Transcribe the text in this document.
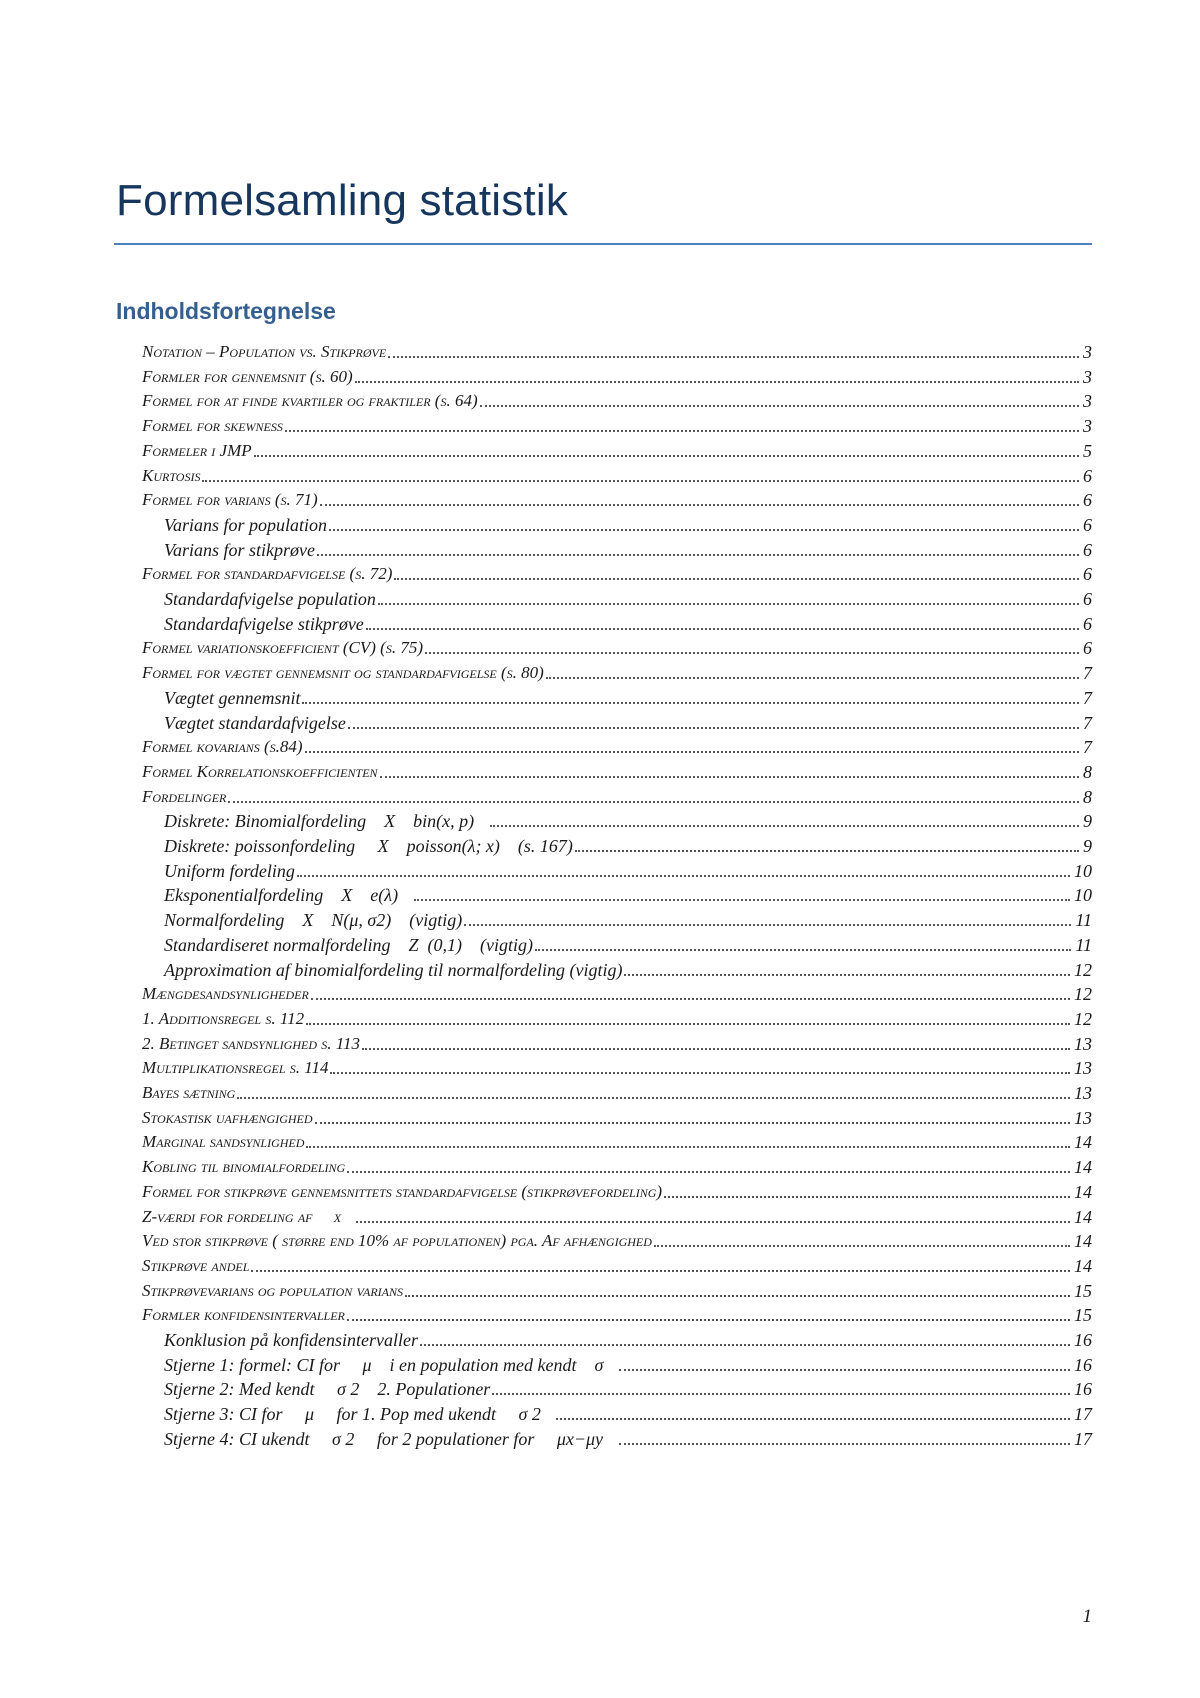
Formelsamling statistik
Indholdsfortegnelse
Notation – Population vs. Stikprøve	3
Formler for gennemsnit (s. 60)	3
Formel for at finde kvartiler og fraktiler (s. 64)	3
Formel for skewness	3
Formeler i JMP	5
Kurtosis	6
Formel for varians (s. 71)	6
Varians for population	6
Varians for stikprøve	6
Formel for standardafvigelse (s. 72)	6
Standardafvigelse population	6
Standardafvigelse stikprøve	6
Formel variationskoefficient (CV) (s. 75)	6
Formel for vægtet gennemsnit og standardafvigelse (s. 80)	7
Vægtet gennemsnit	7
Vægtet standardafvigelse	7
Formel kovarians (s.84)	7
Formel Korrelationskoefficienten	8
Fordelinger	8
Diskrete: Binomialfordeling    X    bin(x, p)	9
Diskrete: poissonfordeling     X    poisson(λ; x)    (s. 167)	9
Uniform fordeling	10
Eksponentialfordeling    X    e(λ)	10
Normalfordeling    X    N(μ, σ2)    (vigtig)	11
Standardiseret normalfordeling    Z  (0,1)    (vigtig)	11
Approximation af binomialfordeling til normalfordeling (vigtig)	12
Mængdesandsynligheder	12
1. Additionsregel s. 112	12
2. Betinget sandsynlighed s. 113	13
Multiplikationsregel s. 114	13
Bayes sætning	13
Stokastisk uafhængighed	13
Marginal sandsynlighed	14
Kobling til binomialfordeling	14
Formel for stikprøve gennemsnittets standardafvigelse (stikprøvefordeling)	14
Z-værdi for fordeling af     x	14
Ved stor stikprøve ( større end 10% af populationen) pga. Af afhængighed	14
Stikprøve andel	14
Stikprøvevarians og population varians	15
Formler konfidensintervaller	15
Konklusion på konfidensintervaller	16
Stjerne 1: formel: CI for     μ    i en population med kendt    σ	16
Stjerne 2: Med kendt     σ 2    2. Populationer	16
Stjerne 3: CI for     μ     for 1. Pop med ukendt     σ 2	17
Stjerne 4: CI ukendt     σ 2     for 2 populationer for     μx−μy	17
1
